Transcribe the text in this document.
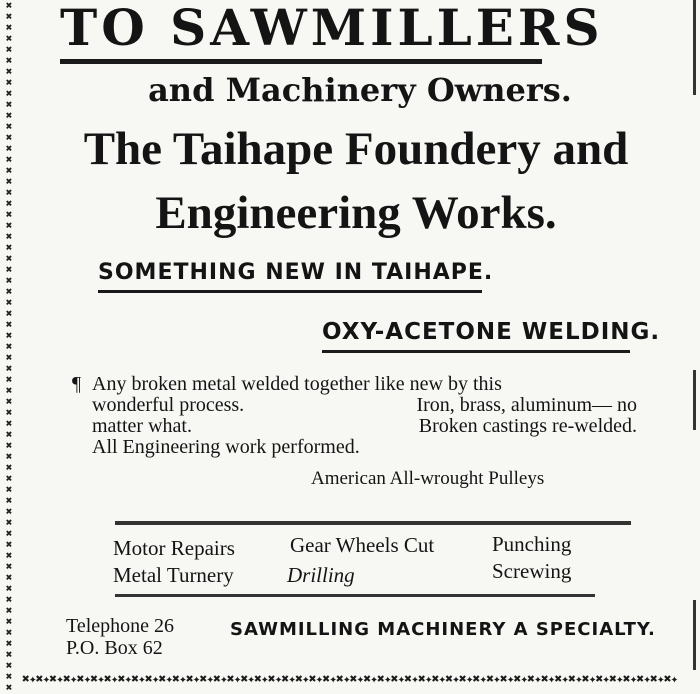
✖
✖
✖
✖
✖
✖
✖
✖
✖
✖
✖
✖
✖
✖
✖
✖
✖
✖
✖
✖
✖
✖
✖
✖
✖
✖
✖
✖
✖
✖
✖
✖
✖
✖
✖
✖
✖
✖
✖
✖
✖
✖
✖
✖
✖
✖
✖
✖
✖
✖
✖
✖
✖
✖
✖
✖
✖
✖
✖
✖
✖
✖
✖
TO SAWMILLERS
and Machinery Owners.
The Taihape Foundery and
Engineering Works.
SOMETHING NEW IN TAIHAPE.
OXY-ACETONE WELDING.
¶ Any broken metal welded together like new by this
wonderful process.	Iron, brass, aluminum— no
matter what.	Broken castings re-welded.
All Engineering work performed.
American All-wrought Pulleys
Motor Repairs	Gear Wheels Cut	Punching
Metal Turnery	Drilling	Screwing
Telephone 26
P.O. Box 62
SAWMILLING MACHINERY A SPECIALTY.
✖✦✖✦✖✦✖✦✖✦✖✦✖✦✖✦✖✦✖✦✖✦✖✦✖✦✖✦✖✦✖✦✖✦✖✦✖✦✖✦✖✦✖✦✖✦✖✦✖✦✖✦✖✦✖✦✖✦✖✦✖✦✖✦✖✦✖✦✖✦✖✦✖✦✖✦✖✦✖✦✖✦✖✦✖✦✖✦✖✦✖✦✖✦✖✦
